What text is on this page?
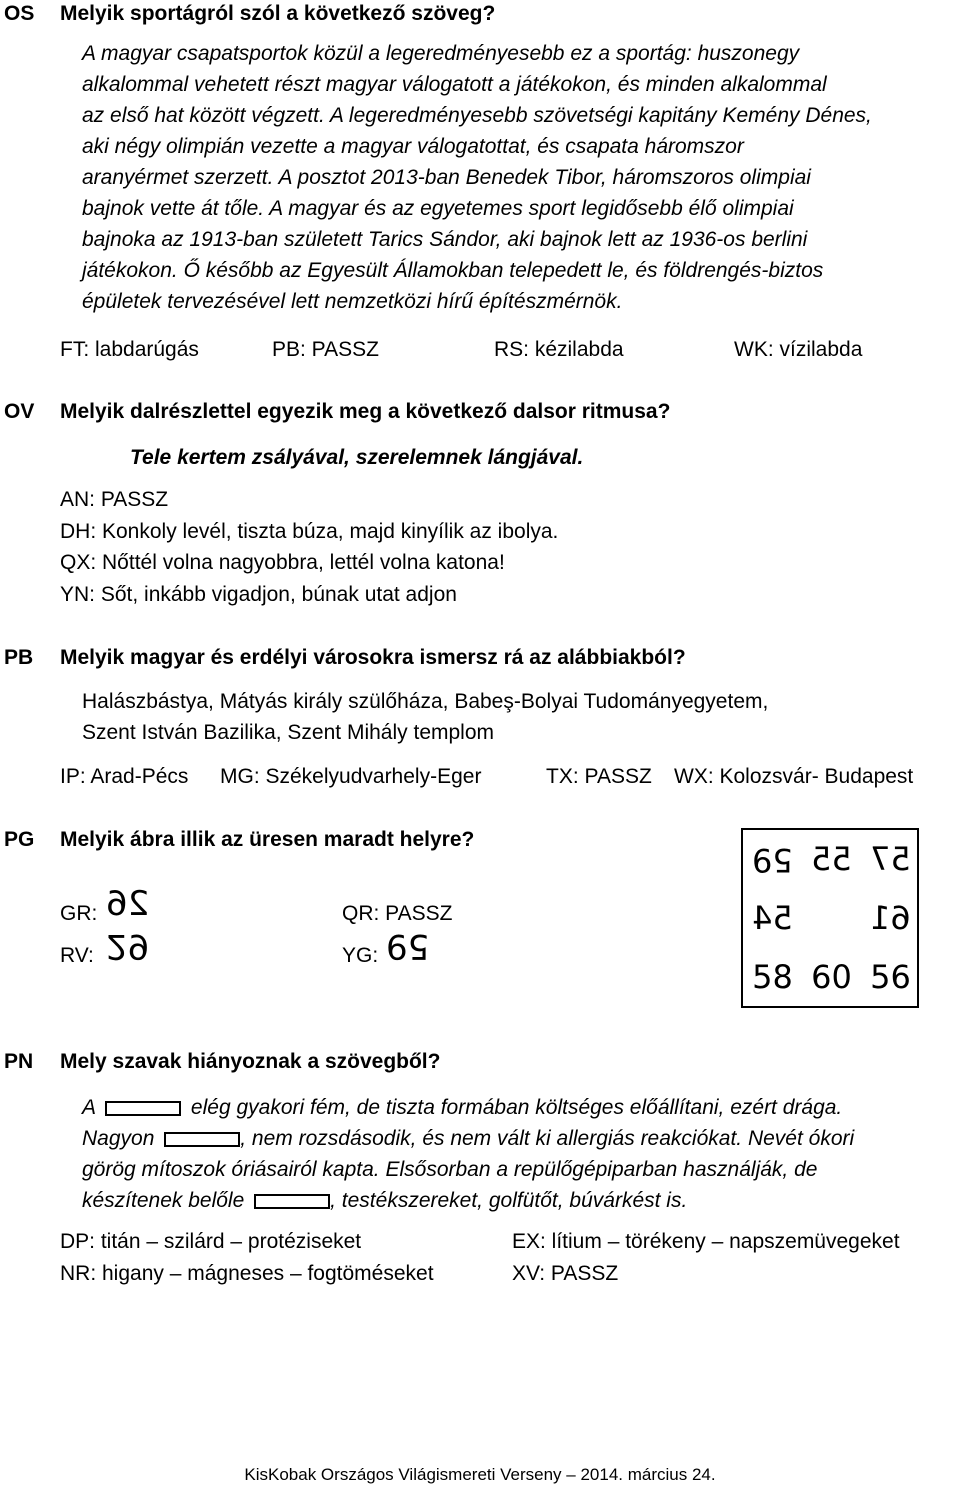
OS Melyik sportágról szól a következő szöveg?
A magyar csapatsportok közül a legeredményesebb ez a sportág: huszonegy
alkalommal vehetett részt magyar válogatott a játékokon, és minden alkalommal
az első hat között végzett. A legeredményesebb szövetségi kapitány Kemény Dénes,
aki négy olimpián vezette a magyar válogatottat, és csapata háromszor
aranyérmet szerzett. A posztot 2013-ban Benedek Tibor, háromszoros olimpiai
bajnok vette át tőle. A magyar és az egyetemes sport legidősebb élő olimpiai
bajnoka az 1913-ban született Tarics Sándor, aki bajnok lett az 1936-os berlini
játékokon. Ő később az Egyesült Államokban telepedett le, és földrengés-biztos
épületek tervezésével lett nemzetközi hírű építészmérnök.
FT: labdarúgás	PB: PASSZ	RS: kézilabda	WK: vízilabda
OV Melyik dalrészlettel egyezik meg a következő dalsor ritmusa?
Tele kertem zsályával, szerelemnek lángjával.
AN: PASSZ
DH: Konkoly levél, tiszta búza, majd kinyílik az ibolya.
QX: Nőttél volna nagyobbra, lettél volna katona!
YN: Sőt, inkább vigadjon, búnak utat adjon
PB Melyik magyar és erdélyi városokra ismersz rá az alábbiakból?
Halászbástya, Mátyás király szülőháza, Babeş-Bolyai Tudományegyetem,
Szent István Bazilika, Szent Mihály templom
IP: Arad-Pécs MG: Székelyudvarhely-Eger	TX: PASSZ WX: Kolozsvár- Budapest
PG Melyik ábra illik az üresen maradt helyre?
GR: 26	QR: PASSZ
RV: 29	YG: 59
59 55 57
54 61
58 60 56
PN Mely szavak hiányoznak a szövegből?
A	elég gyakori fém, de tiszta formában költséges előállítani, ezért drága.
Nagyon	, nem rozsdásodik, és nem vált ki allergiás reakciókat. Nevét ókori
görög mítoszok óriásairól kapta. Elsősorban a repülőgépiparban használják, de
készítenek belőle	, testékszereket, golfütőt, búvárkést is.
DP: titán – szilárd – protéziseket	EX: lítium – törékeny – napszemüvegeket
NR: higany – mágneses – fogtöméseket	XV: PASSZ
KisKobak Országos Világismereti Verseny – 2014. március 24.
